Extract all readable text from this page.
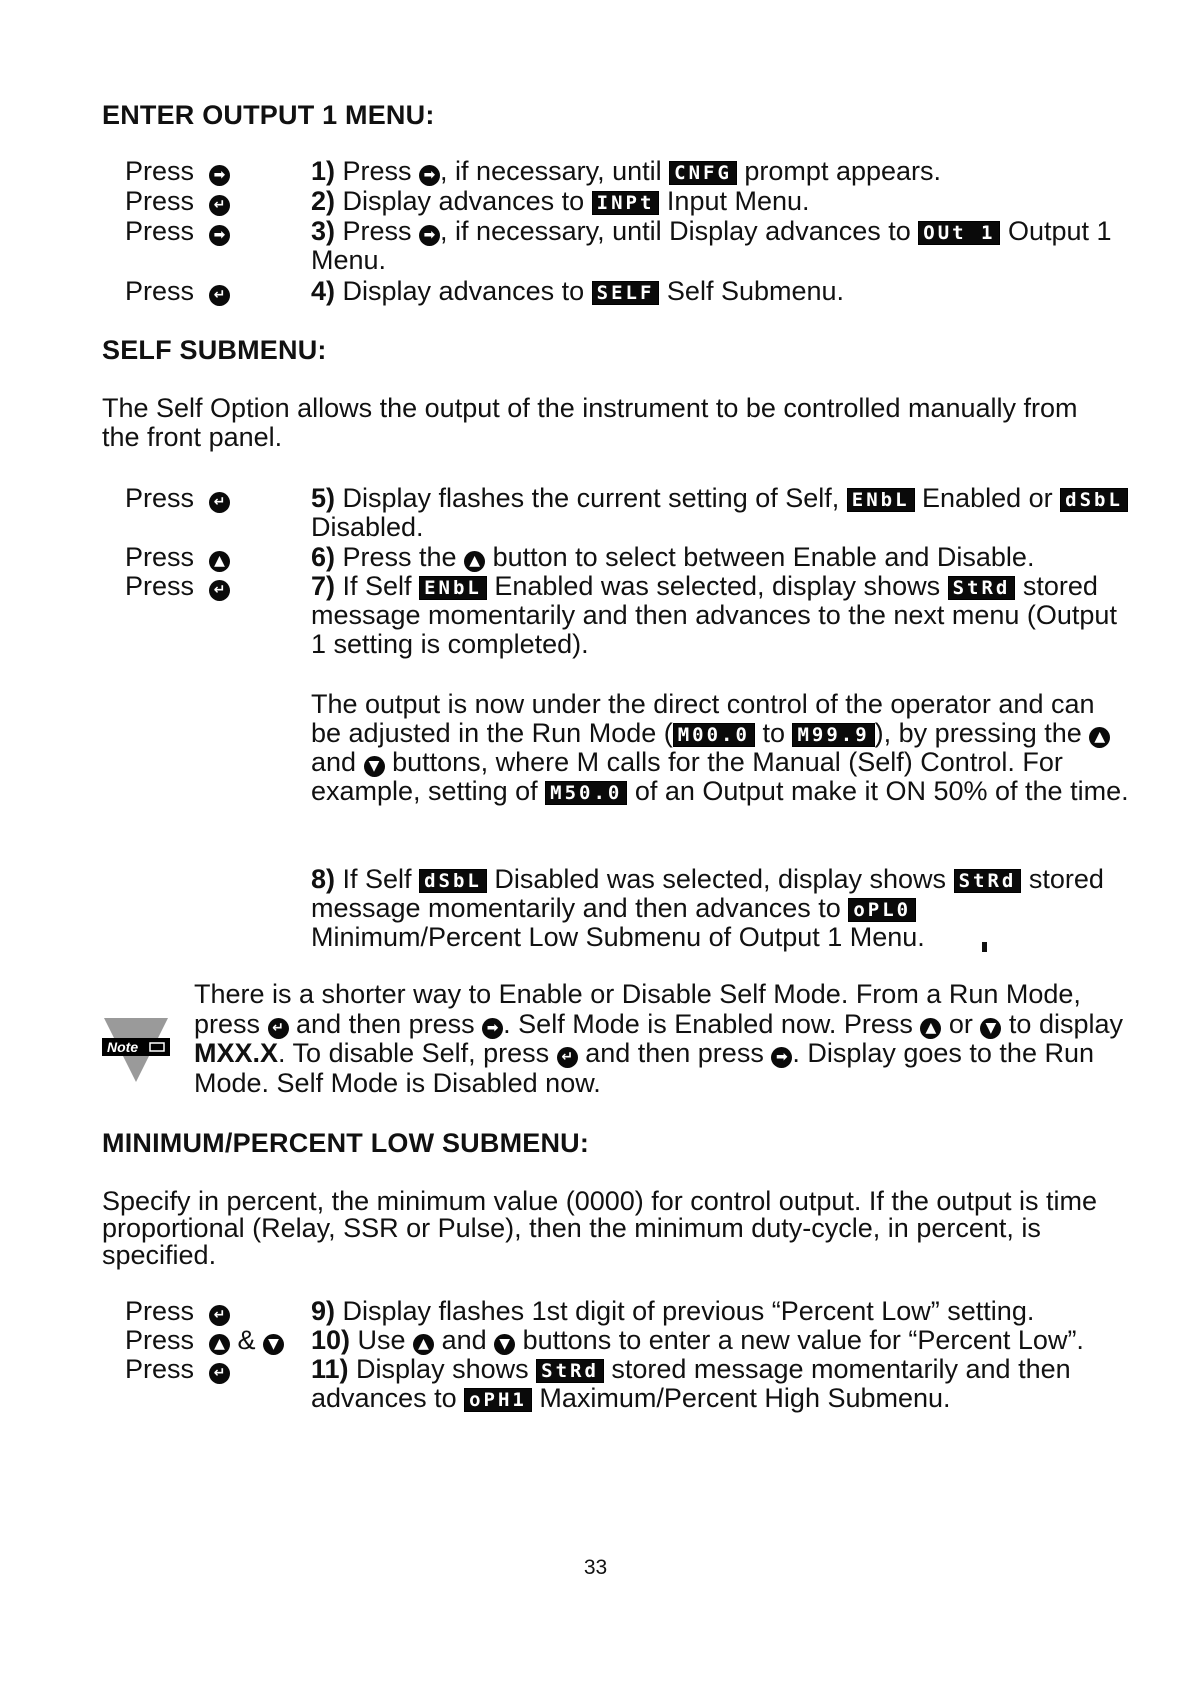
ENTER OUTPUT 1 MENU:
Press ➡	1) Press ➡ , if necessary, until CNFG prompt appears.
Press ↵	2) Display advances to INPt Input Menu.
Press ➡	3) Press ➡ , if necessary, until Display advances to OUt 1 Output 1 Menu.
Press ↵	4) Display advances to SELF Self Submenu.
SELF SUBMENU:
The Self Option allows the output of the instrument to be controlled manually from the front panel.
Press ↵	5) Display flashes the current setting of Self, ENbL Enabled or dSbL Disabled.
Press ▲	6) Press the ▲ button to select between Enable and Disable.
Press ↵	7) If Self ENbL Enabled was selected, display shows StRd stored message momentarily and then advances to the next menu (Output 1 setting is completed).
The output is now under the direct control of the operator and can be adjusted in the Run Mode ( M00.0 to M99.9 ), by pressing the ▲ and ▼ buttons, where M calls for the Manual (Self) Control. For example, setting of M50.0 of an Output make it ON 50% of the time.
8) If Self dSbL Disabled was selected, display shows StRd stored message momentarily and then advances to oPL0 Minimum/Percent Low Submenu of Output 1 Menu.
Note
There is a shorter way to Enable or Disable Self Mode. From a Run Mode, press ↵ and then press ➡ . Self Mode is Enabled now. Press ▲ or ▼ to display MXX.X. To disable Self, press ↵ and then press ➡ . Display goes to the Run Mode. Self Mode is Disabled now.
MINIMUM/PERCENT LOW SUBMENU:
Specify in percent, the minimum value (0000) for control output. If the output is time proportional (Relay, SSR or Pulse), then the minimum duty-cycle, in percent, is specified.
Press ↵	9) Display flashes 1st digit of previous “Percent Low” setting.
Press ▲ & ▼ 10) Use ▲ and ▼ buttons to enter a new value for “Percent Low”.
Press ↵	11) Display shows StRd stored message momentarily and then advances to oPH1 Maximum/Percent High Submenu.
33
